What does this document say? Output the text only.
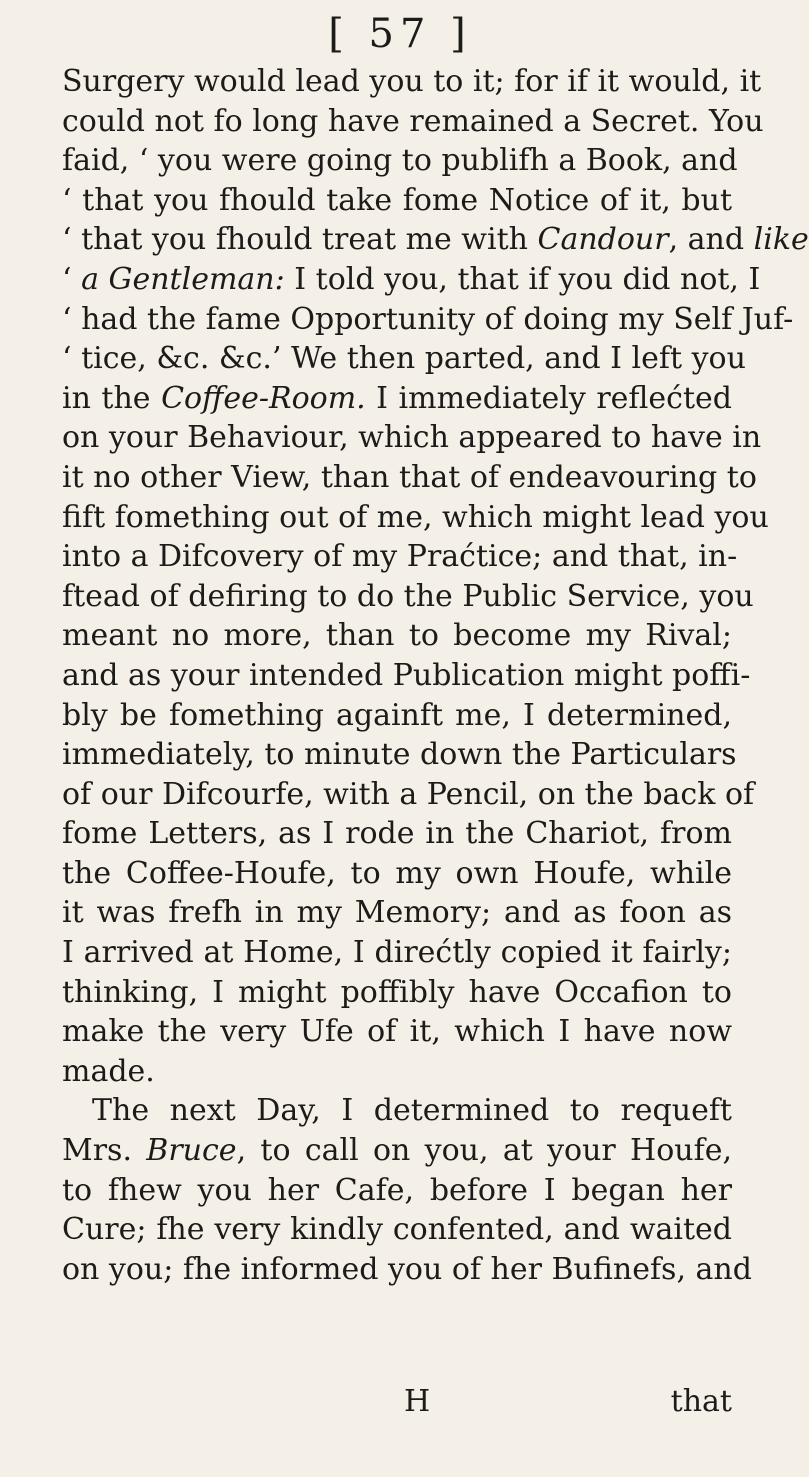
[ 57 ]
Surgery would lead you to it; for if it would, it
could not fo long have remained a Secret. You
faid, ‘ you were going to publifh a Book, and
‘ that you fhould take fome Notice of it, but
‘ that you fhould treat me with Candour, and like
‘ a Gentleman: I told you, that if you did not, I
‘ had the fame Opportunity of doing my Self Juf-
‘ tice, &c. &c.’ We then parted, and I left you
in the Coffee-Room. I immediately reflećted
on your Behaviour, which appeared to have in
it no other View, than that of endeavouring to
fift fomething out of me, which might lead you
into a Difcovery of my Praćtice; and that, in-
ftead of defiring to do the Public Service, you
meant no more, than to become my Rival;
and as your intended Publication might poffi-
bly be fomething againft me, I determined,
immediately, to minute down the Particulars
of our Difcourfe, with a Pencil, on the back of
fome Letters, as I rode in the Chariot, from
the Coffee-Houfe, to my own Houfe, while
it was frefh in my Memory; and as foon as
I arrived at Home, I direćtly copied it fairly;
thinking, I might poffibly have Occafion to
make the very Ufe of it, which I have now
made.
The next Day, I determined to requeft
Mrs. Bruce, to call on you, at your Houfe,
to fhew you her Cafe, before I began her
Cure; fhe very kindly confented, and waited
on you; fhe informed you of her Bufinefs, and
H	that
